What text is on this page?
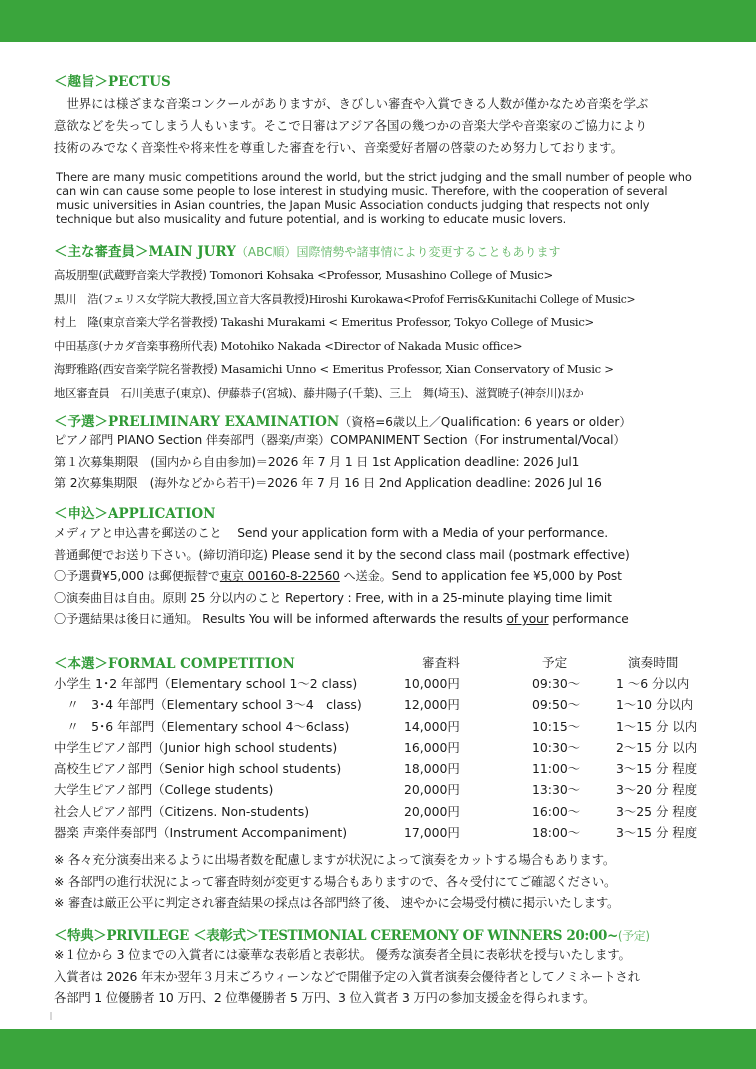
＜趣旨＞PECTUS
　世界には様ざまな音楽コンクールがありますが、きびしい審査や入賞できる人数が僅かなため音楽を学ぶ
意欲などを失ってしまう人もいます。そこで日審はアジア各国の幾つかの音楽大学や音楽家のご協力により
技術のみでなく音楽性や将来性を尊重した審査を行い、音楽愛好者層の啓蒙のため努力しております。
There are many music competitions around the world, but the strict judging and the small number of people who can win can cause some people to lose interest in studying music. Therefore, with the cooperation of several music universities in Asian countries, the Japan Music Association conducts judging that respects not only technique but also musicality and future potential, and is working to educate music lovers.
＜主な審査員＞MAIN JURY（ABC順）国際情勢や諸事情により変更することもあります
高坂朋聖(武蔵野音楽大学教授) Tomonori Kohsaka <Professor, Musashino College of Music>
黒川　浩(フェリス女学院大教授,国立音大客員教授)Hiroshi Kurokawa<Profof Ferris&Kunitachi College of Music>
村上　隆(東京音楽大学名誉教授) Takashi Murakami < Emeritus Professor, Tokyo College of Music>
中田基彦(ナカダ音楽事務所代表) Motohiko Nakada <Director of Nakada Music office>
海野雅路(西安音楽学院名誉教授) Masamichi Unno < Emeritus Professor, Xian Conservatory of Music >
地区審査員　石川美恵子(東京)、伊藤恭子(宮城)、藤井陽子(千葉)、三上　舞(埼玉)、滋賀暁子(神奈川)ほか
＜予選＞PRELIMINARY EXAMINATION（資格=6歳以上／Qualification: 6 years or older）
ピアノ部門 PIANO Section 伴奏部門（器楽/声楽）COMPANIMENT Section（For instrumental/Vocal）
第１次募集期限　(国内から自由参加)＝2026 年 7 月 1 日 1st Application deadline: 2026 Jul1
第 2次募集期限　(海外などから若干)＝2026 年 7 月 16 日 2nd Application deadline: 2026 Jul 16
＜申込＞APPLICATION
メディアと申込書を郵送のこと　 Send your application form with a Media of your performance.
普通郵便でお送り下さい。(締切消印迄) Please send it by the second class mail (postmark effective)
〇予選費¥5,000 は郵便振替で東京 00160-8-22560 へ送金。Send to application fee ¥5,000 by Post
〇演奏曲目は自由。原則 25 分以内のこと Repertory : Free, with in a 25-minute playing time limit
〇予選結果は後日に通知。 Results You will be informed afterwards the results of your performance
＜本選＞FORMAL COMPETITION	審査料	予定	演奏時間
小学生 1･2 年部門（Elementary school 1～2 class)	10,000円	09:30～	1 ～6 分以内
　〃　3･4 年部門（Elementary school 3～4　class)	12,000円	09:50～	1～10 分以内
　〃　5･6 年部門（Elementary school 4～6class)	14,000円	10:15～	1～15 分 以内
中学生ピアノ部門（Junior high school students)	16,000円	10:30～	2～15 分 以内
高校生ピアノ部門（Senior high school students)	18,000円	11:00～	3～15 分 程度
大学生ピアノ部門（College students)	20,000円	13:30～	3～20 分 程度
社会人ピアノ部門（Citizens. Non-students)	20,000円	16:00～	3～25 分 程度
器楽 声楽伴奏部門（Instrument Accompaniment)	17,000円	18:00～	3～15 分 程度
※ 各々充分演奏出来るように出場者数を配慮しますが状況によって演奏をカットする場合もあります。
※ 各部門の進行状況によって審査時刻が変更する場合もありますので、各々受付にてご確認ください。
※ 審査は厳正公平に判定され審査結果の採点は各部門終了後、 速やかに会場受付横に掲示いたします。
＜特典＞PRIVILEGE ＜表彰式＞TESTIMONIAL CEREMONY OF WINNERS 20:00~(予定)
※１位から 3 位までの入賞者には豪華な表彰盾と表彰状。 優秀な演奏者全員に表彰状を授与いたします。
入賞者は 2026 年末か翌年３月末ごろウィーンなどで開催予定の入賞者演奏会優待者としてノミネートされ
各部門 1 位優勝者 10 万円、2 位準優勝者 5 万円、3 位入賞者 3 万円の参加支援金を得られます。
